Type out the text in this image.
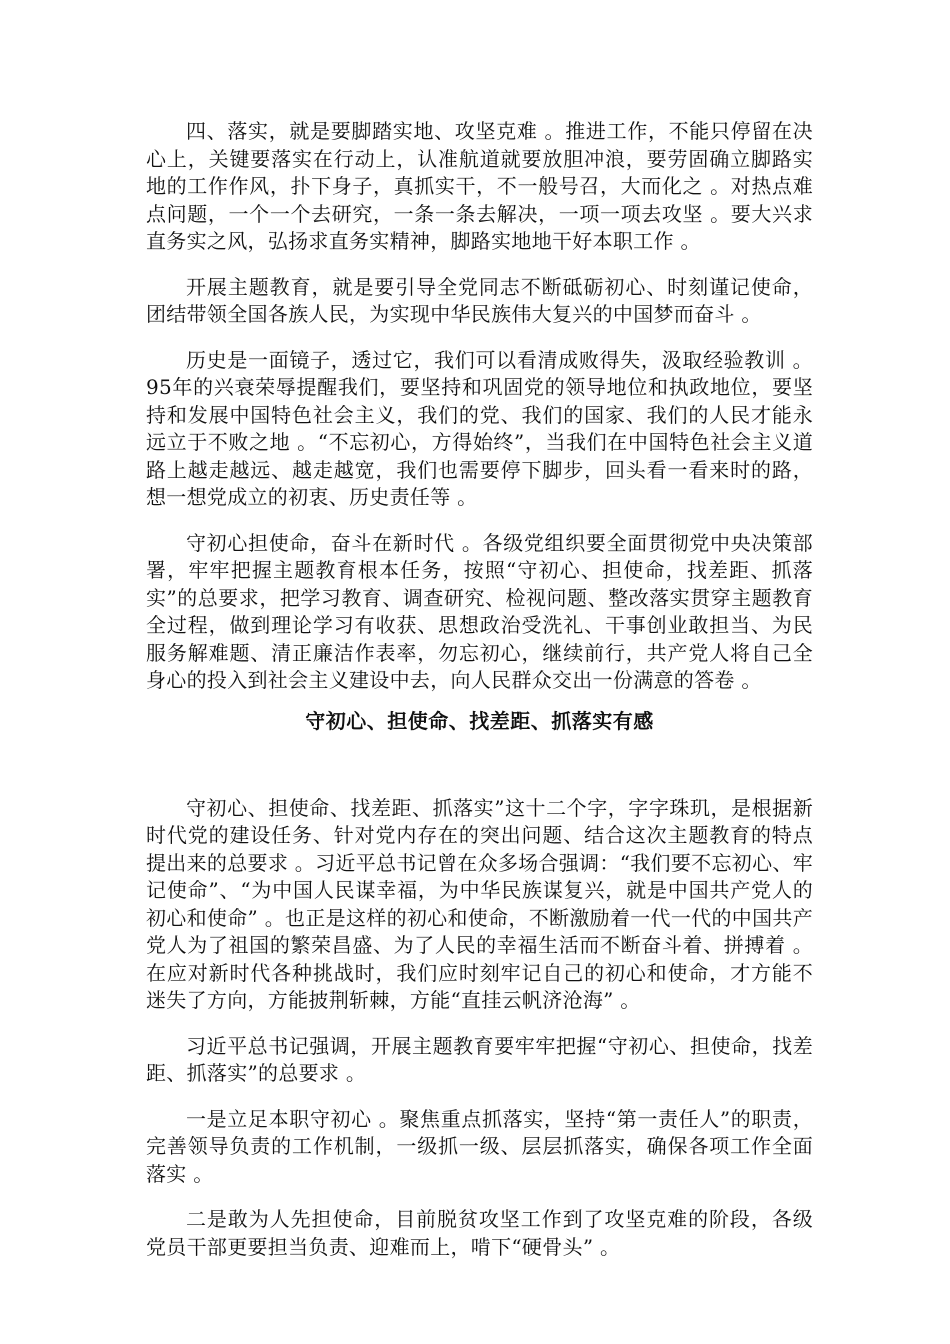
四、落实，就是要脚踏实地、攻坚克难 。推进工作，不能只停留在决心上，关键要落实在行动上，认准航道就要放胆冲浪，要劳固确立脚路实地的工作作风，扑下身子，真抓实干，不一般号召，大而化之 。对热点难点问题，一个一个去研究，一条一条去解决，一项一项去攻坚 。要大兴求直务实之风，弘扬求直务实精神，脚路实地地干好本职工作 。

开展主题教育，就是要引导全党同志不断砥砺初心、时刻谨记使命，团结带领全国各族人民，为实现中华民族伟大复兴的中国梦而奋斗 。

历史是一面镜子，透过它，我们可以看清成败得失，汲取经验教训 。95年的兴衰荣辱提醒我们，要坚持和巩固党的领导地位和执政地位，要坚持和发展中国特色社会主义，我们的党、我们的国家、我们的人民才能永远立于不败之地 。“不忘初心，方得始终”，当我们在中国特色社会主义道路上越走越远、越走越宽，我们也需要停下脚步，回头看一看来时的路，想一想党成立的初衷、历史责任等 。

守初心担使命，奋斗在新时代 。各级党组织要全面贯彻党中央决策部署，牢牢把握主题教育根本任务，按照“守初心、担使命，找差距、抓落实”的总要求，把学习教育、调查研究、检视问题、整改落实贯穿主题教育全过程，做到理论学习有收获、思想政治受洗礼、干事创业敢担当、为民服务解难题、清正廉洁作表率，勿忘初心，继续前行，共产党人将自己全身心的投入到社会主义建设中去，向人民群众交出一份满意的答卷 。

守初心、担使命、找差距、抓落实有感

守初心、担使命、找差距、抓落实”这十二个字，字字珠玑，是根据新时代党的建设任务、针对党内存在的突出问题、结合这次主题教育的特点提出来的总要求 。习近平总书记曾在众多场合强调：“我们要不忘初心、牢记使命”、“为中国人民谋幸福，为中华民族谋复兴，就是中国共产党人的初心和使命” 。也正是这样的初心和使命，不断激励着一代一代的中国共产党人为了祖国的繁荣昌盛、为了人民的幸福生活而不断奋斗着、拼搏着 。在应对新时代各种挑战时，我们应时刻牢记自己的初心和使命，才方能不迷失了方向，方能披荆斩棘，方能“直挂云帆济沧海” 。

习近平总书记强调，开展主题教育要牢牢把握“守初心、担使命，找差距、抓落实”的总要求 。

一是立足本职守初心 。聚焦重点抓落实，坚持“第一责任人”的职责，完善领导负责的工作机制，一级抓一级、层层抓落实，确保各项工作全面落实 。

二是敢为人先担使命，目前脱贫攻坚工作到了攻坚克难的阶段，各级党员干部更要担当负责、迎难而上，啃下“硬骨头” 。
